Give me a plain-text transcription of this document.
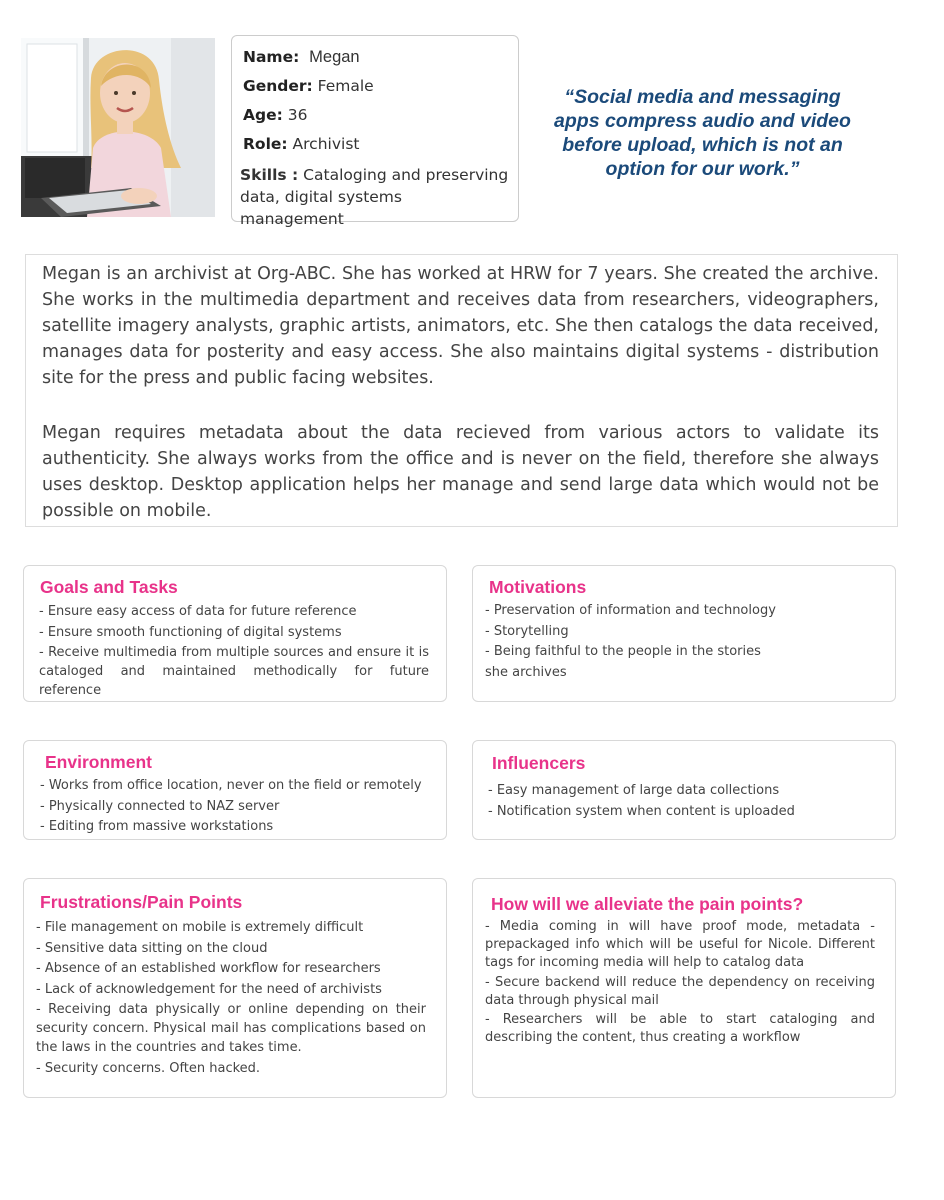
Name: Megan
Gender: Female
Age: 36
Role: Archivist
Skills : Cataloging and preserving data, digital systems management
“Social media and messaging apps compress audio and video before upload, which is not an option for our work.”

Megan is an archivist at Org-ABC. She has worked at HRW for 7 years. She created the archive. She works in the multimedia department and receives data from researchers, videographers, satellite imagery analysts, graphic artists, animators, etc. She then catalogs the data received, manages data for posterity and easy access. She also maintains digital systems - distribution site for the press and public facing websites.

Megan requires metadata about the data recieved from various actors to validate its authenticity. She always works from the office and is never on the field, therefore she always uses desktop. Desktop application helps her manage and send large data which would not be possible on mobile.

Goals and Tasks
- Ensure easy access of data for future reference
- Ensure smooth functioning of digital systems
- Receive multimedia from multiple sources and ensure it is cataloged and maintained methodically for future reference
Motivations
- Preservation of information and technology
- Storytelling
- Being faithful to the people in the stories she archives
Environment
- Works from office location, never on the field or remotely
- Physically connected to NAZ server
- Editing from massive workstations
Influencers
- Easy management of large data collections
- Notification system when content is uploaded
Frustrations/Pain Points
- File management on mobile is extremely difficult
- Sensitive data sitting on the cloud
- Absence of an established workflow for researchers
- Lack of acknowledgement for the need of archivists
- Receiving data physically or online depending on their security concern. Physical mail has complications based on the laws in the countries and takes time.
- Security concerns. Often hacked.
How will we alleviate the pain points?
- Media coming in will have proof mode, metadata - prepackaged info which will be useful for Nicole. Different tags for incoming media will help to catalog data
- Secure backend will reduce the dependency on receiving data through physical mail
- Researchers will be able to start cataloging and describing the content, thus creating a workflow
